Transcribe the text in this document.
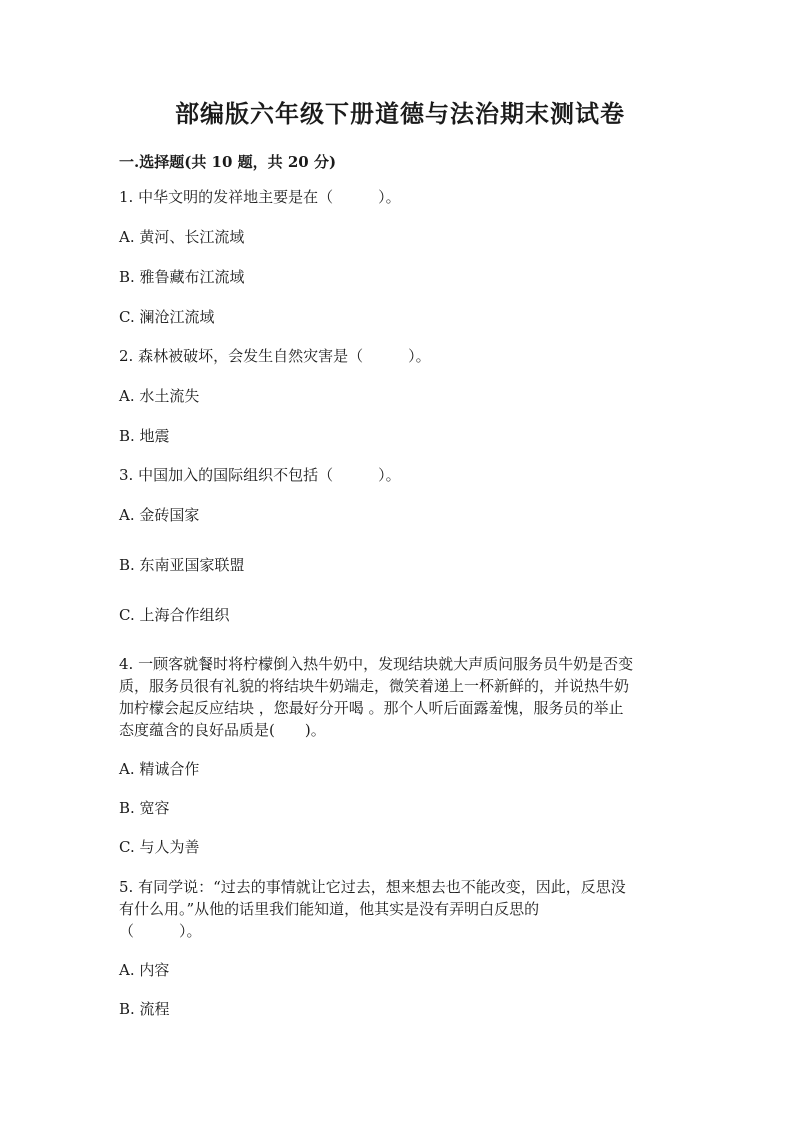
部编版六年级下册道德与法治期末测试卷
一.选择题(共 10 题，共 20 分)
1. 中华文明的发祥地主要是在（　　　）。
A. 黄河、长江流域
B. 雅鲁藏布江流域
C. 澜沧江流域
2. 森林被破坏，会发生自然灾害是（　　　）。
A. 水土流失
B. 地震
3. 中国加入的国际组织不包括（　　　）。
A. 金砖国家
B. 东南亚国家联盟
C. 上海合作组织
4. 一顾客就餐时将柠檬倒入热牛奶中，发现结块就大声质问服务员牛奶是否变
质，服务员很有礼貌的将结块牛奶端走，微笑着递上一杯新鲜的，并说热牛奶
加柠檬会起反应结块 ，您最好分开喝 。那个人听后面露羞愧，服务员的举止
态度蕴含的良好品质是(　　)。
A. 精诚合作
B. 宽容
C. 与人为善
5. 有同学说：“过去的事情就让它过去，想来想去也不能改变，因此，反思没
有什么用。”从他的话里我们能知道，他其实是没有弄明白反思的
（　　　）。
A. 内容
B. 流程
